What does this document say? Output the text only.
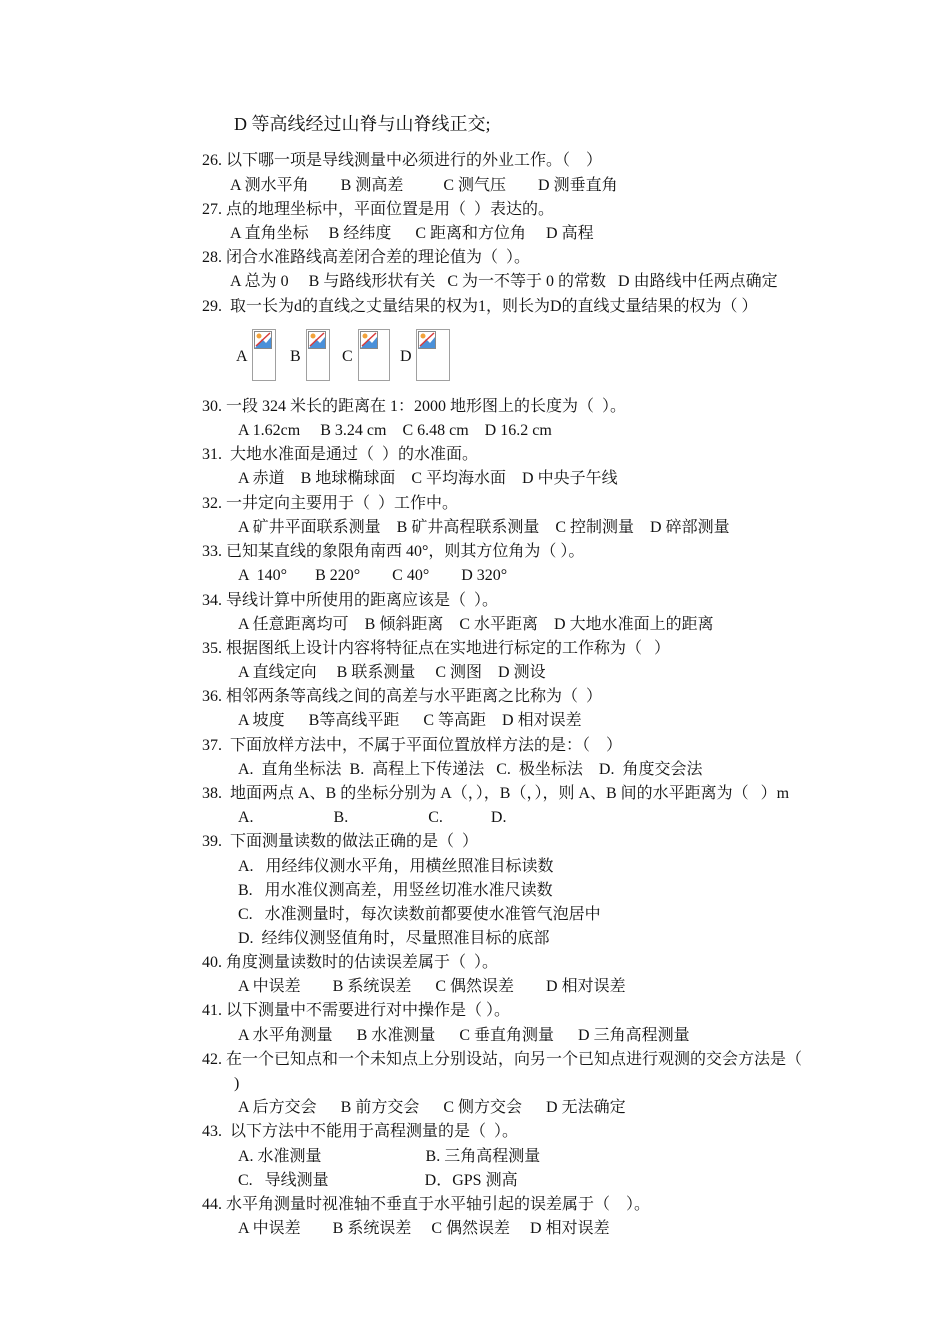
D 等高线经过山脊与山脊线正交;
26. 以下哪一项是导线测量中必须进行的外业工作。（    ）
A 测水平角        B 测高差          C 测气压        D 测垂直角
27. 点的地理坐标中，平面位置是用（  ）表达的。
A 直角坐标     B 经纬度      C 距离和方位角     D 高程
28. 闭合水准路线高差闭合差的理论值为（  ）。
A 总为 0     B 与路线形状有关   C 为一不等于 0 的常数   D 由路线中任两点确定
29.  取一长为d的直线之丈量结果的权为1，则长为D的直线丈量结果的权为（ ）
A	B	C	D
30. 一段 324 米长的距离在 1：2000 地形图上的长度为（  ）。
A 1.62cm     B 3.24 cm    C 6.48 cm    D 16.2 cm
31.  大地水准面是通过（  ）的水准面。
A 赤道    B 地球椭球面    C 平均海水面    D 中央子午线
32. 一井定向主要用于（  ）工作中。
A 矿井平面联系测量    B 矿井高程联系测量    C 控制测量    D 碎部测量
33. 已知某直线的象限角南西 40°，则其方位角为（ ）。
A  140°       B 220°        C 40°        D 320°
34. 导线计算中所使用的距离应该是（  ）。
A 任意距离均可    B 倾斜距离    C 水平距离    D 大地水准面上的距离
35. 根据图纸上设计内容将特征点在实地进行标定的工作称为（   ）
A 直线定向     B 联系测量     C 测图    D 测设
36. 相邻两条等高线之间的高差与水平距离之比称为（  ）
A 坡度      B等高线平距      C 等高距    D 相对误差
37.  下面放样方法中，不属于平面位置放样方法的是：（    ）
A.  直角坐标法  B.  高程上下传递法   C.  极坐标法    D.  角度交会法
38.  地面两点 A、B 的坐标分别为 A（，），B（，），则 A、B 间的水平距离为（   ）m
A.                    B.                    C.            D.
39.  下面测量读数的做法正确的是（  ）
A.   用经纬仪测水平角，用横丝照准目标读数
B.   用水准仪测高差，用竖丝切准水准尺读数
C.   水准测量时，每次读数前都要使水准管气泡居中
D.  经纬仪测竖值角时，尽量照准目标的底部
40. 角度测量读数时的估读误差属于（  ）。
A 中误差        B 系统误差      C 偶然误差        D 相对误差
41. 以下测量中不需要进行对中操作是（ ）。
A 水平角测量      B 水准测量      C 垂直角测量      D 三角高程测量
42. 在一个已知点和一个未知点上分别设站，向另一个已知点进行观测的交会方法是（
)
A 后方交会      B 前方交会      C 侧方交会      D 无法确定
43.  以下方法中不能用于高程测量的是（  ）。
A. 水准测量                          B. 三角高程测量
C.   导线测量                        D．GPS 测高
44. 水平角测量时视准轴不垂直于水平轴引起的误差属于（    ）。
A 中误差        B 系统误差     C 偶然误差     D 相对误差
